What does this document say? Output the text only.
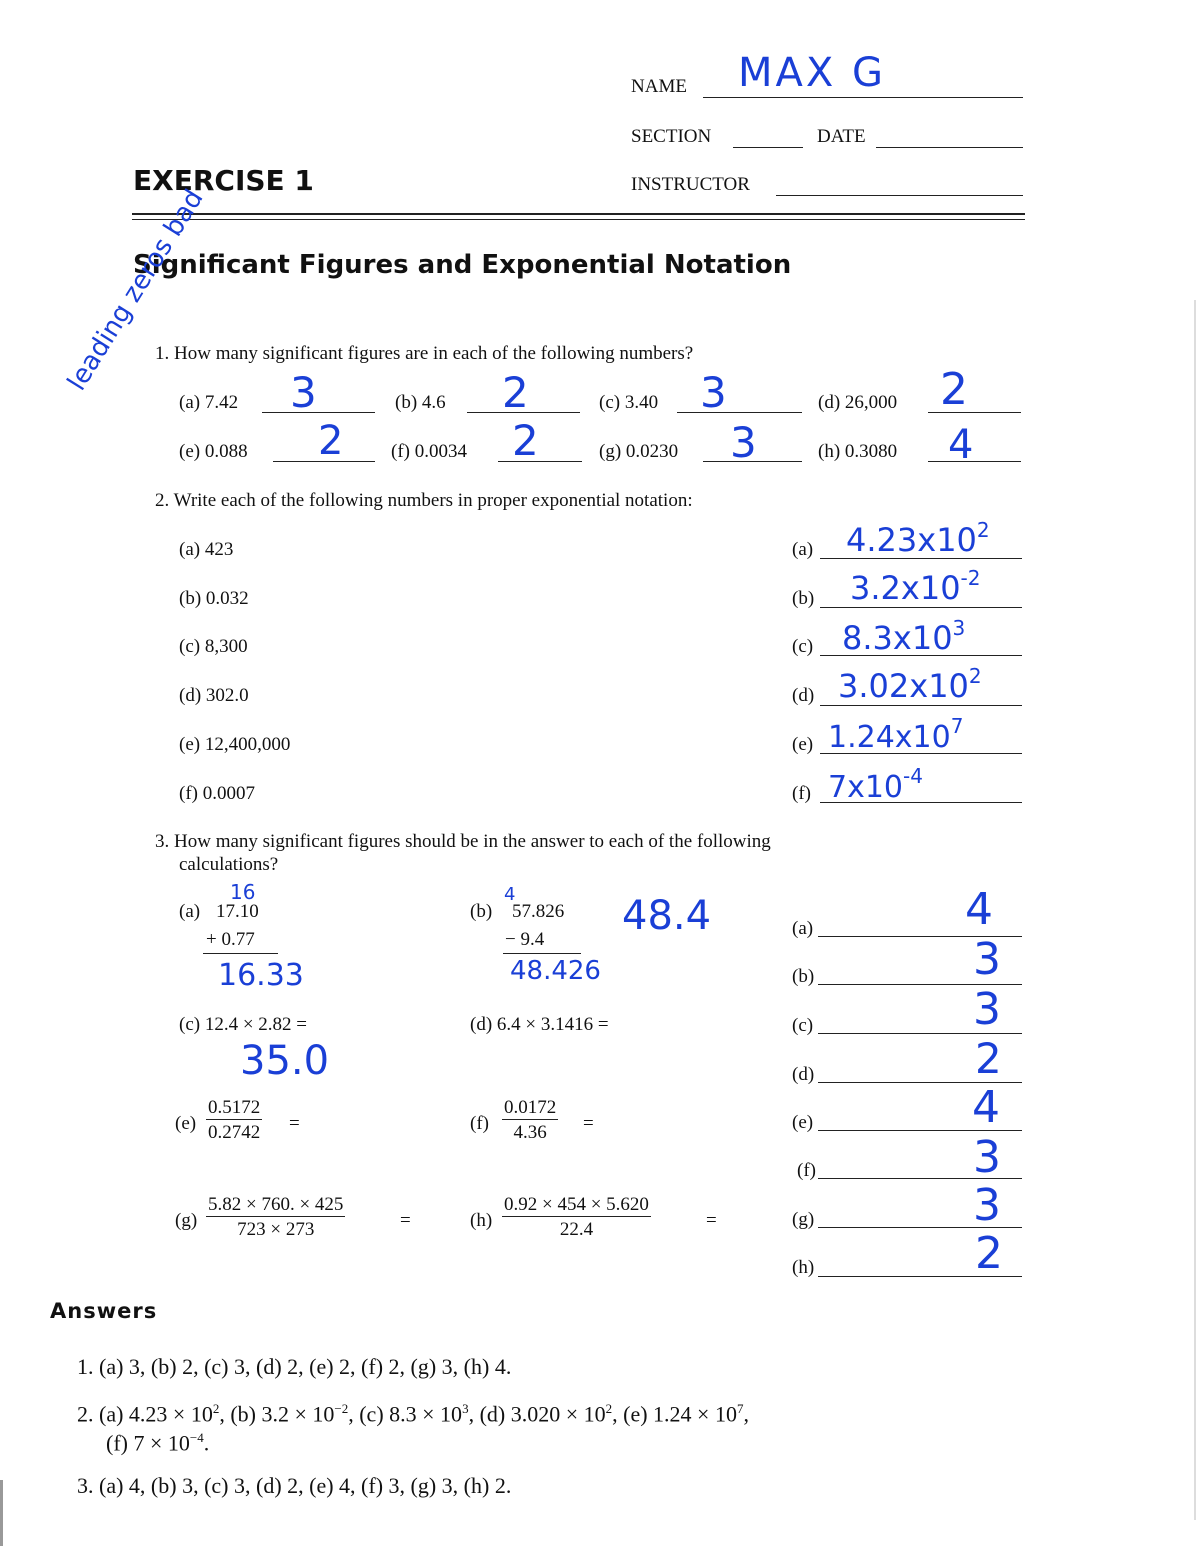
NAME MAX G
SECTION	DATE
EXERCISE 1	INSTRUCTOR
Significant Figures and Exponential Notation
leading zeros bad
1. How many significant figures are in each of the following numbers?
(a) 7.42 3	(b) 4.6 2	(c) 3.40 3	(d) 26,000 2
(e) 0.088 2	(f) 0.0034 2	(g) 0.0230 3	(h) 0.3080 4
2. Write each of the following numbers in proper exponential notation:
(a) 423	(a) $4.23x10^2$
(b) 0.032	(b) $3.2x10^{-2}$
(c) 8,300	(c) $8.3x10^3$
(d) 302.0	(d) $3.02x10^2$
(e) 12,400,000	(e) $1.24x10^7$
(f) 0.0007	(f) $7x10^{-4}$
3. How many significant figures should be in the answer to each of the following
calculations?
(a) 17.10
+ 0.77
16
16.33
(b) 57.826
− 9.4
4
48.426
48.4
(c) 12.4 × 2.82 =
35.0
(d) 6.4 × 3.1416 =
$(e) \frac{0.5172}{0.2742}$ =	$(f) \frac{0.0172}{4.36}$ =
$(g) \frac{5.82 \times 760. \times 425}{723 \times 273}$	=	$(h) \frac{0.92 \times 454 \times 5.620}{22.4}$	=
(a)	4
(b)	3
(c)	3
(d)	2
(e)	4
(f)	3
(g)	3
(h)	2
Answers
1. (a) 3, (b) 2, (c) 3, (d) 2, (e) 2, (f) 2, (g) 3, (h) 4.
2. (a) $4.23 \times 10^2$, (b) $3.2 \times 10^{-2}$, (c) $8.3 \times 10^3$, (d) $3.020 \times 10^2$, (e) $1.24 \times 10^7$,
(f) $7 \times 10^{-4}$.
3. (a) 4, (b) 3, (c) 3, (d) 2, (e) 4, (f) 3, (g) 3, (h) 2.
